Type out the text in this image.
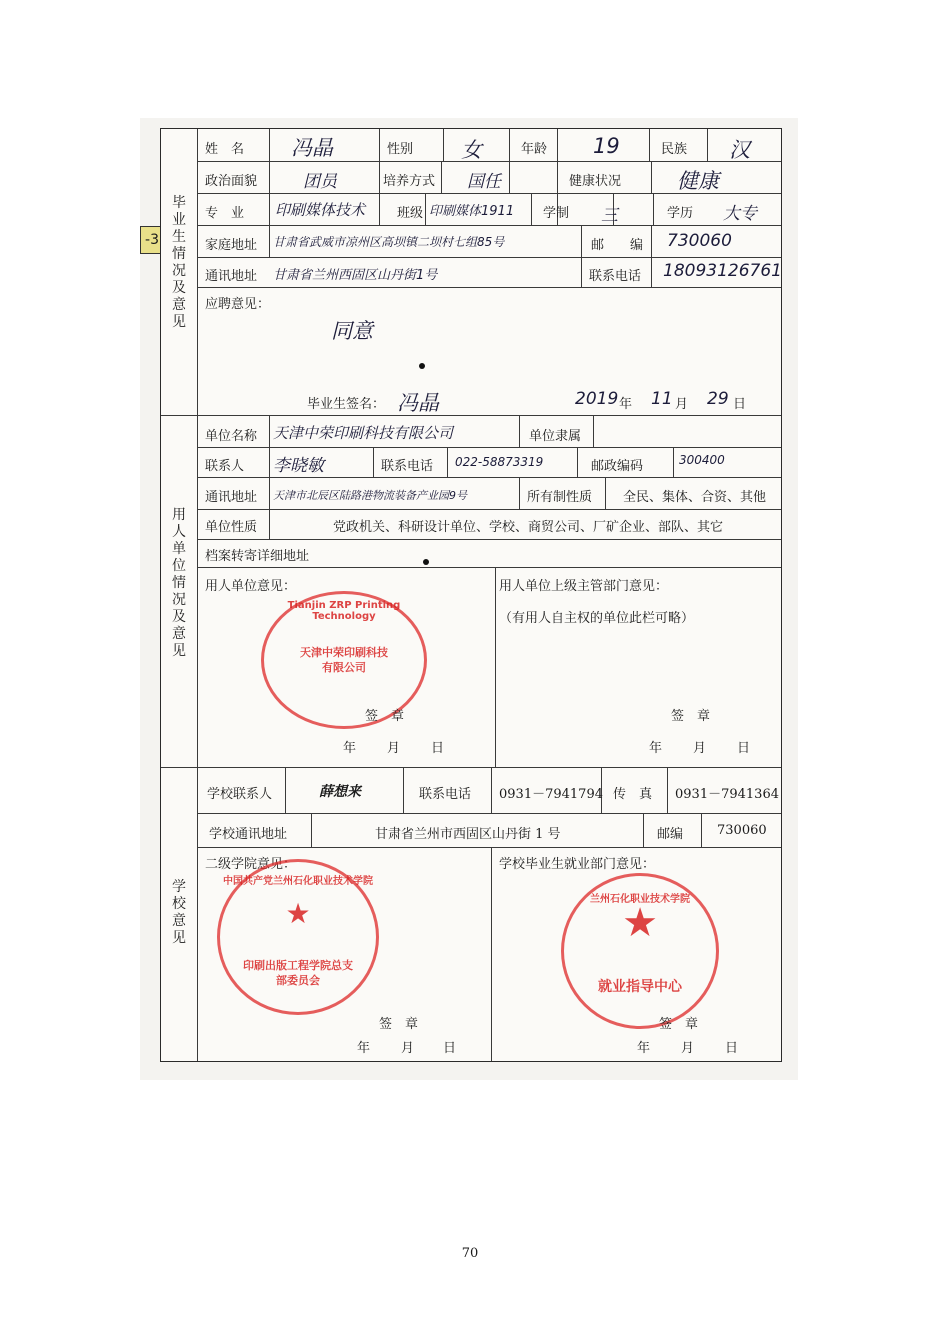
-3
毕业生情况及意见
姓　名 冯晶	性别 女	年龄 19	民族 汉
政治面貌	团员	培养方式 国任	健康状况	健康
专　业 印刷媒体技术 班级 印刷媒体1911 学制 三	学历 大专
家庭地址 甘肃省武威市凉州区高坝镇二坝村七组85号	邮　　编 730060
通讯地址 甘肃省兰州西固区山丹街1号	联系电话 18093126761
应聘意见：
同意
毕业生签名： 冯晶	2019 年 11 月 29 日
用人单位情况及意见
单位名称 天津中荣印刷科技有限公司	单位隶属
联系人 李晓敏	联系电话 022-58873319	邮政编码	300400
通讯地址 天津市北辰区陆路港物流装备产业园9号	所有制性质 全民、集体、合资、其他
单位性质	党政机关、科研设计单位、学校、商贸公司、厂矿企业、部队、其它
档案转寄详细地址
用人单位意见：	用人单位上级主管部门意见：
（有用人自主权的单位此栏可略）
Tianjin ZRP Printing Technology
天津中荣印刷科技有限公司
签　章
年 月 日
签　章
年 月 日
学校意见
学校联系人	薛想来	联系电话 0931－7941794 传　真 0931－7941364
学校通讯地址	甘肃省兰州市西固区山丹街 1 号	邮编	730060
二级学院意见：	学校毕业生就业部门意见：
中国共产党兰州石化职业技术学院
★
印刷出版工程学院总支部委员会
兰州石化职业技术学院
★
就业指导中心
签　章
年 月 日
签　章
年 月 日
70
